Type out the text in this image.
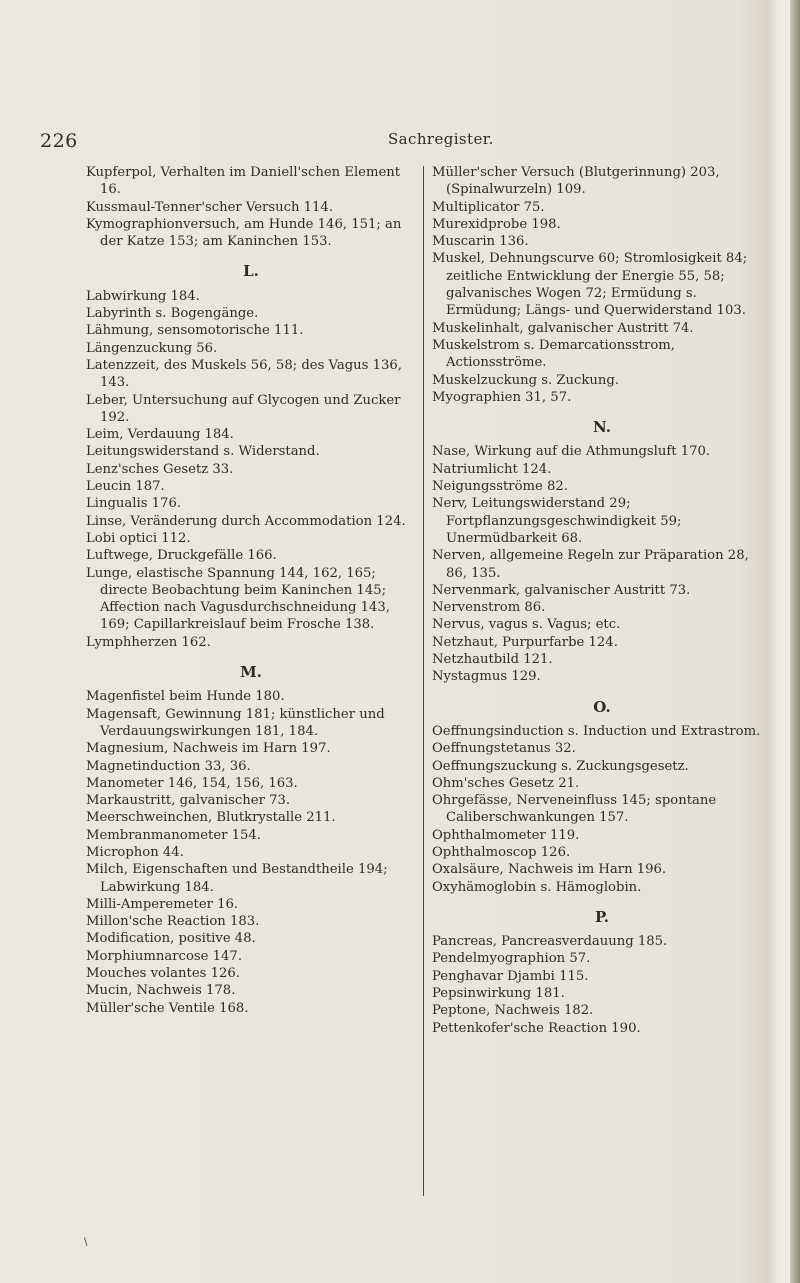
226	Sachregister.
Kupferpol, Verhalten im Daniell'schen Element 16.
Kussmaul-Tenner'scher Versuch 114.
Kymographionversuch, am Hunde 146, 151; an der Katze 153; am Kaninchen 153.
L.
Labwirkung 184.
Labyrinth s. Bogengänge.
Lähmung, sensomotorische 111.
Längenzuckung 56.
Latenzzeit, des Muskels 56, 58; des Vagus 136, 143.
Leber, Untersuchung auf Glycogen und Zucker 192.
Leim, Verdauung 184.
Leitungswiderstand s. Widerstand.
Lenz'sches Gesetz 33.
Leucin 187.
Lingualis 176.
Linse, Veränderung durch Accommodation 124.
Lobi optici 112.
Luftwege, Druckgefälle 166.
Lunge, elastische Spannung 144, 162, 165; directe Beobachtung beim Kaninchen 145; Affection nach Vagusdurchschneidung 143, 169; Capillarkreislauf beim Frosche 138.
Lymphherzen 162.
M.
Magenfistel beim Hunde 180.
Magensaft, Gewinnung 181; künstlicher und Verdauungswirkungen 181, 184.
Magnesium, Nachweis im Harn 197.
Magnetinduction 33, 36.
Manometer 146, 154, 156, 163.
Markaustritt, galvanischer 73.
Meerschweinchen, Blutkrystalle 211.
Membranmanometer 154.
Microphon 44.
Milch, Eigenschaften und Bestandtheile 194; Labwirkung 184.
Milli-Amperemeter 16.
Millon'sche Reaction 183.
Modification, positive 48.
Morphiumnarcose 147.
Mouches volantes 126.
Mucin, Nachweis 178.
Müller'sche Ventile 168.
Müller'scher Versuch (Blutgerinnung) 203, (Spinalwurzeln) 109.
Multiplicator 75.
Murexidprobe 198.
Muscarin 136.
Muskel, Dehnungscurve 60; Stromlosigkeit 84; zeitliche Entwicklung der Energie 55, 58; galvanisches Wogen 72; Ermüdung s. Ermüdung; Längs- und Querwiderstand 103.
Muskelinhalt, galvanischer Austritt 74.
Muskelstrom s. Demarcationsstrom, Actionsströme.
Muskelzuckung s. Zuckung.
Myographien 31, 57.
N.
Nase, Wirkung auf die Athmungsluft 170.
Natriumlicht 124.
Neigungsströme 82.
Nerv, Leitungswiderstand 29; Fortpflanzungsgeschwindigkeit 59; Unermüdbarkeit 68.
Nerven, allgemeine Regeln zur Präparation 28, 86, 135.
Nervenmark, galvanischer Austritt 73.
Nervenstrom 86.
Nervus, vagus s. Vagus; etc.
Netzhaut, Purpurfarbe 124.
Netzhautbild 121.
Nystagmus 129.
O.
Oeffnungsinduction s. Induction und Extrastrom.
Oeffnungstetanus 32.
Oeffnungszuckung s. Zuckungsgesetz.
Ohm'sches Gesetz 21.
Ohrgefässe, Nerveneinfluss 145; spontane Caliberschwankungen 157.
Ophthalmometer 119.
Ophthalmoscop 126.
Oxalsäure, Nachweis im Harn 196.
Oxyhämoglobin s. Hämoglobin.
P.
Pancreas, Pancreasverdauung 185.
Pendelmyographion 57.
Penghavar Djambi 115.
Pepsinwirkung 181.
Peptone, Nachweis 182.
Pettenkofer'sche Reaction 190.
\
